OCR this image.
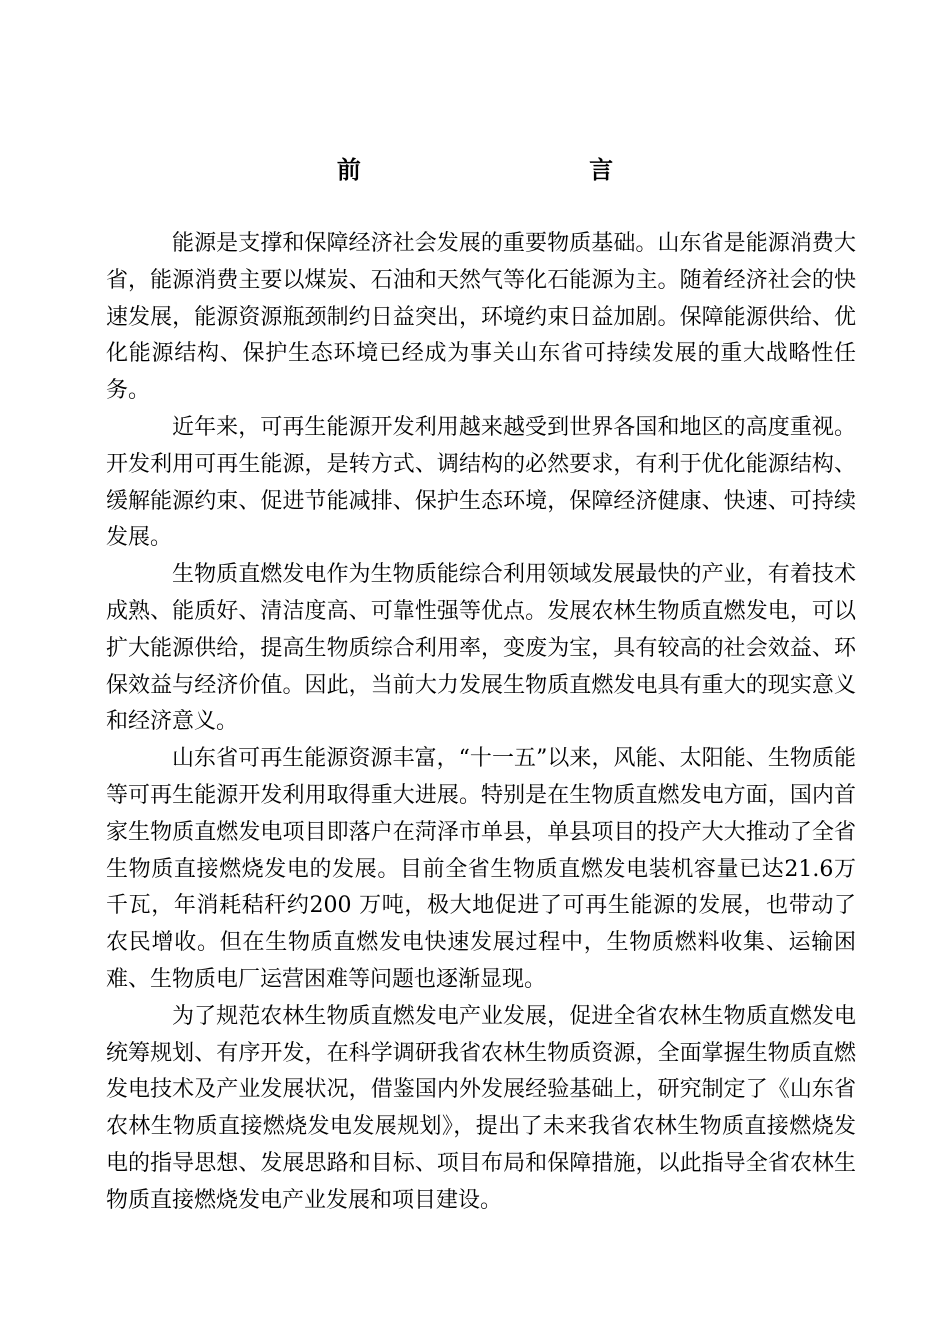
前 言

能源是支撑和保障经济社会发展的重要物质基础。山东省是能源消费大省，能源消费主要以煤炭、石油和天然气等化石能源为主。随着经济社会的快速发展，能源资源瓶颈制约日益突出，环境约束日益加剧。保障能源供给、优化能源结构、保护生态环境已经成为事关山东省可持续发展的重大战略性任务。

近年来，可再生能源开发利用越来越受到世界各国和地区的高度重视。开发利用可再生能源，是转方式、调结构的必然要求，有利于优化能源结构、缓解能源约束、促进节能减排、保护生态环境，保障经济健康、快速、可持续发展。

生物质直燃发电作为生物质能综合利用领域发展最快的产业，有着技术成熟、能质好、清洁度高、可靠性强等优点。发展农林生物质直燃发电，可以扩大能源供给，提高生物质综合利用率，变废为宝，具有较高的社会效益、环保效益与经济价值。因此，当前大力发展生物质直燃发电具有重大的现实意义和经济意义。

山东省可再生能源资源丰富，“十一五”以来，风能、太阳能、生物质能等可再生能源开发利用取得重大进展。特别是在生物质直燃发电方面，国内首家生物质直燃发电项目即落户在菏泽市单县，单县项目的投产大大推动了全省生物质直接燃烧发电的发展。目前全省生物质直燃发电装机容量已达21.6万千瓦，年消耗秸秆约200 万吨，极大地促进了可再生能源的发展，也带动了农民增收。但在生物质直燃发电快速发展过程中，生物质燃料收集、运输困难、生物质电厂运营困难等问题也逐渐显现。

为了规范农林生物质直燃发电产业发展，促进全省农林生物质直燃发电统筹规划、有序开发，在科学调研我省农林生物质资源，全面掌握生物质直燃发电技术及产业发展状况，借鉴国内外发展经验基础上，研究制定了《山东省农林生物质直接燃烧发电发展规划》，提出了未来我省农林生物质直接燃烧发电的指导思想、发展思路和目标、项目布局和保障措施，以此指导全省农林生物质直接燃烧发电产业发展和项目建设。
